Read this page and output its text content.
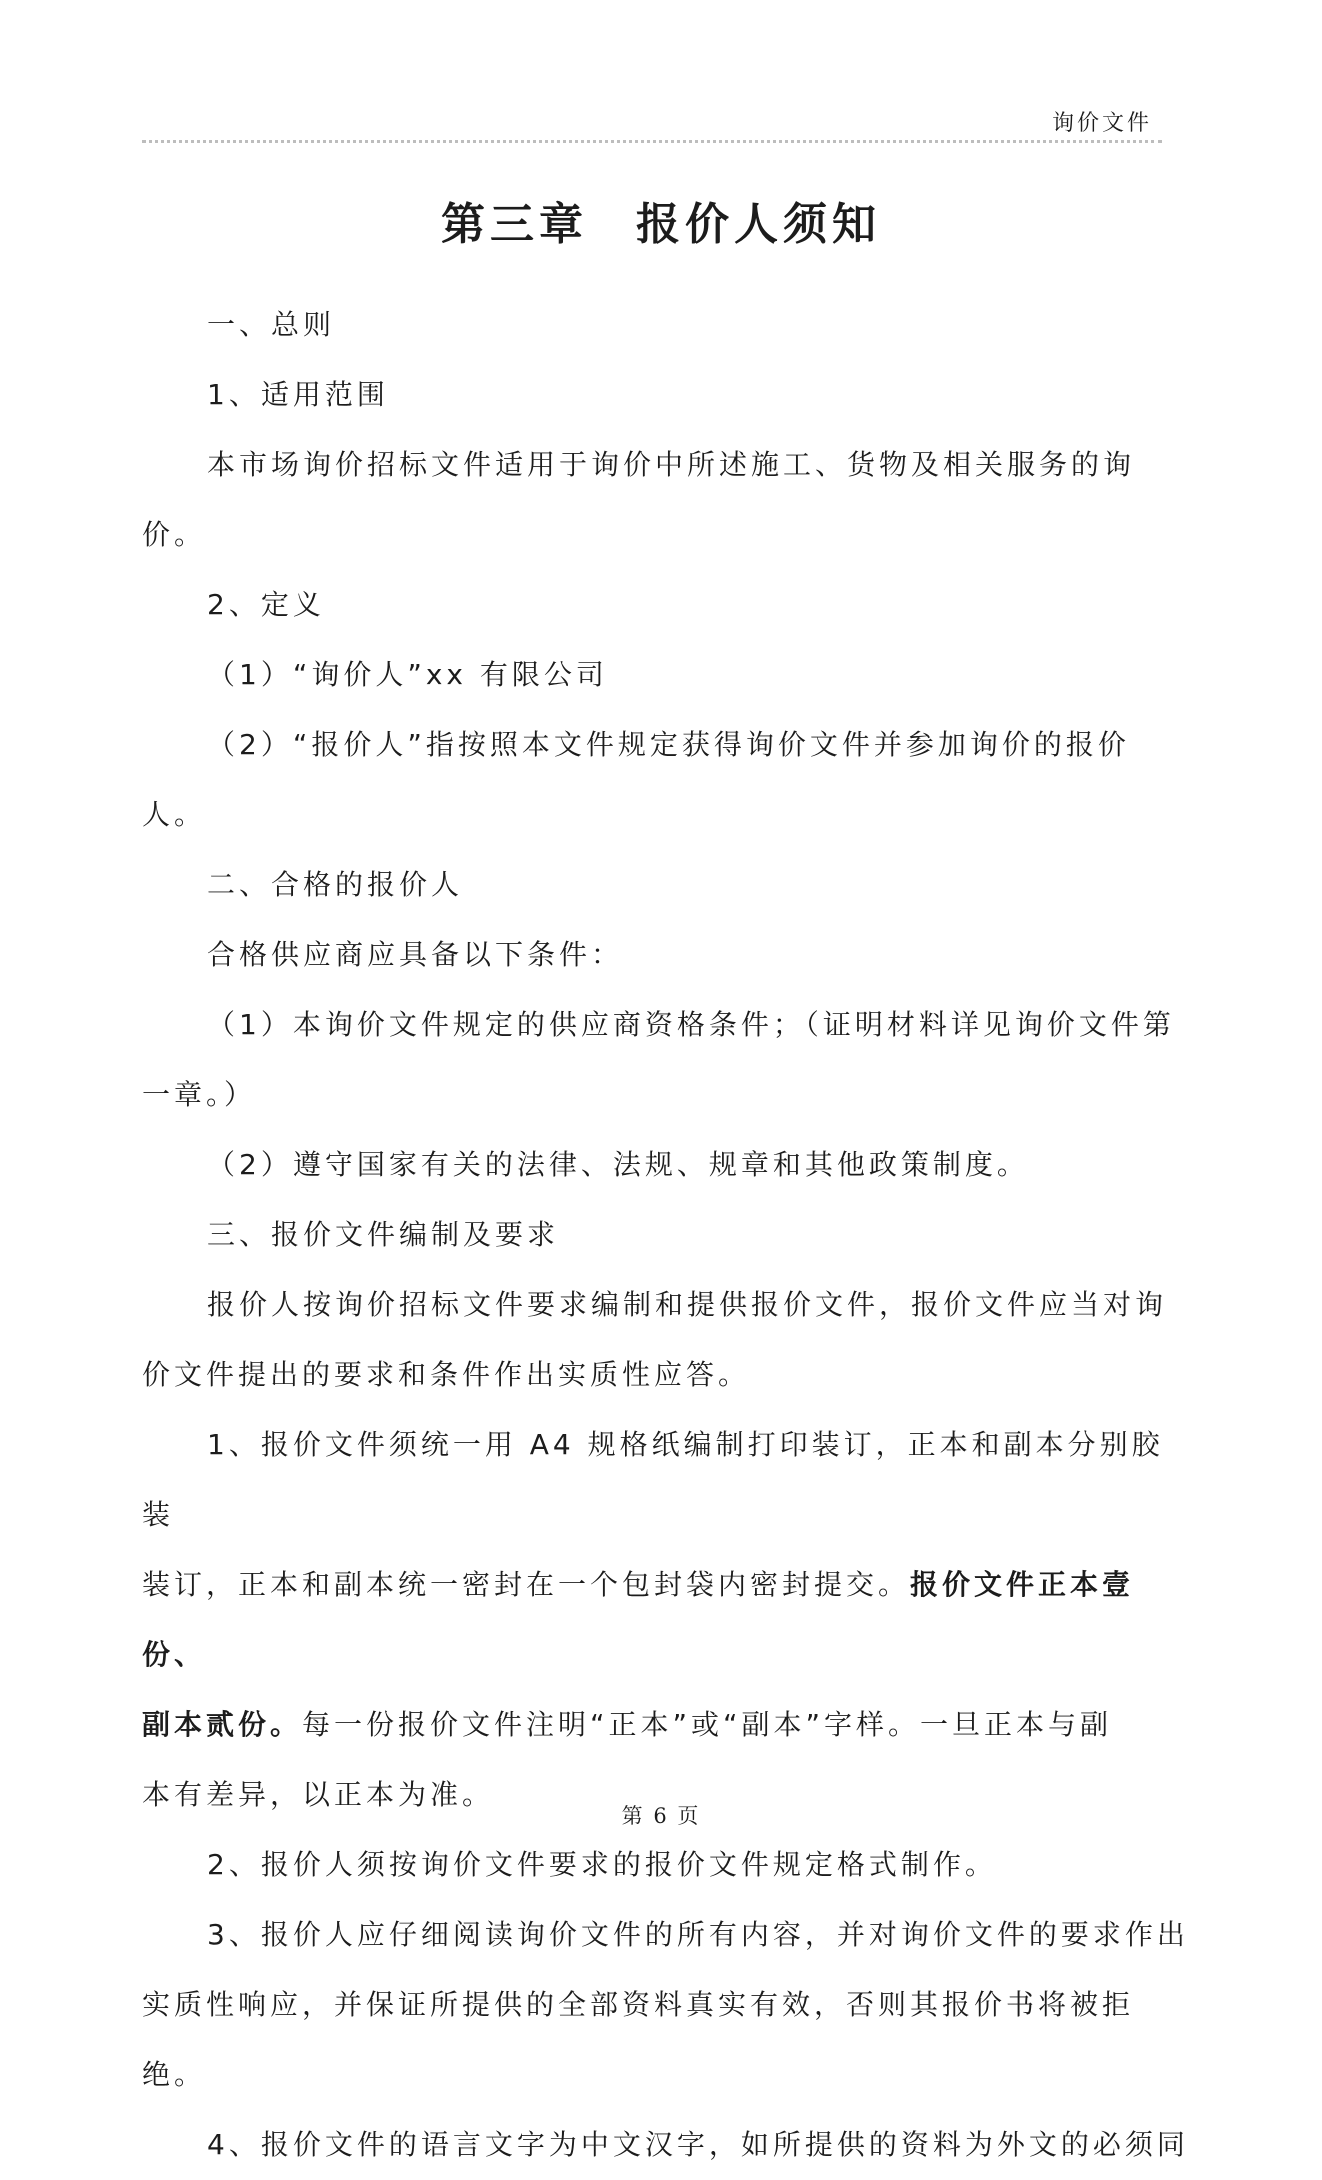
询价文件
第三章 报价人须知

一、总则

1、适用范围

本市场询价招标文件适用于询价中所述施工、货物及相关服务的询价。

2、定义

（1）“询价人”xx 有限公司

（2）“报价人”指按照本文件规定获得询价文件并参加询价的报价人。

二、合格的报价人

合格供应商应具备以下条件：

（1）本询价文件规定的供应商资格条件；（证明材料详见询价文件第

一章。）

（2）遵守国家有关的法律、法规、规章和其他政策制度。

三、报价文件编制及要求

报价人按询价招标文件要求编制和提供报价文件，报价文件应当对询

价文件提出的要求和条件作出实质性应答。

1、报价文件须统一用 A4 规格纸编制打印装订，正本和副本分别胶装

装订，正本和副本统一密封在一个包封袋内密封提交。报价文件正本壹份、

副本贰份。每一份报价文件注明“正本”或“副本”字样。一旦正本与副

本有差异，以正本为准。

2、报价人须按询价文件要求的报价文件规定格式制作。

3、报价人应仔细阅读询价文件的所有内容，并对询价文件的要求作出

实质性响应，并保证所提供的全部资料真实有效，否则其报价书将被拒绝。

4、报价文件的语言文字为中文汉字，如所提供的资料为外文的必须同

第 6 页
